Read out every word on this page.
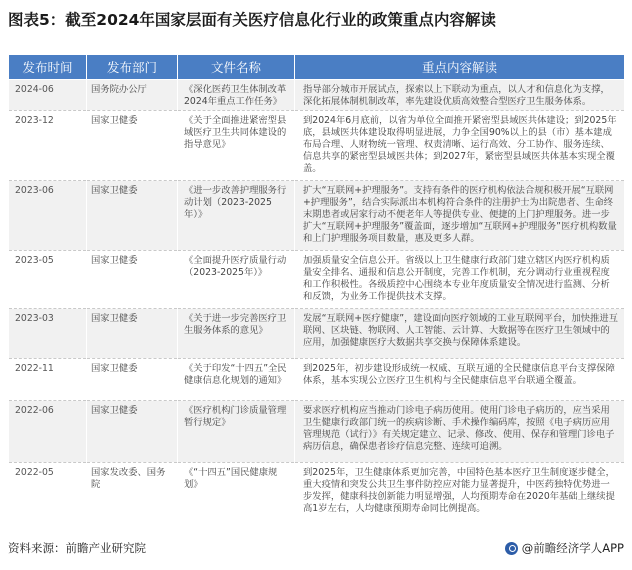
图表5：截至2024年国家层面有关医疗信息化行业的政策重点内容解读
发布时间	发布部门	文件名称	重点内容解读
2024-06	国务院办公厅	《深化医药卫生体制改革2024年重点工作任务》	指导部分城市开展试点，探索以上下联动为重点，以人才和信息化为支撑，深化拓展体制机制改革，率先建设优质高效整合型医疗卫生服务体系。
2023-12	国家卫健委	《关于全面推进紧密型县域医疗卫生共同体建设的指导意见》	到2024年6月底前，以省为单位全面推开紧密型县域医共体建设；到2025年底，县域医共体建设取得明显进展，力争全国90%以上的县（市）基本建成布局合理、人财物统一管理、权责清晰、运行高效、分工协作、服务连续、信息共享的紧密型县域医共体；到2027年，紧密型县域医共体基本实现全覆盖。
2023-06	国家卫健委	《进一步改善护理服务行动计划（2023-2025年）》	扩大“互联网+护理服务”。支持有条件的医疗机构依法合规积极开展“互联网+护理服务”，结合实际派出本机构符合条件的注册护士为出院患者、生命终末期患者或居家行动不便老年人等提供专业、便捷的上门护理服务。进一步扩大“互联网+护理服务”覆盖面，逐步增加“互联网+护理服务”医疗机构数量和上门护理服务项目数量，惠及更多人群。
2023-05	国家卫健委	《全面提升医疗质量行动（2023-2025年）》	加强质量安全信息公开。省级以上卫生健康行政部门建立辖区内医疗机构质量安全排名、通报和信息公开制度，完善工作机制，充分调动行业重视程度和工作积极性。各级质控中心围绕本专业年度质量安全情况进行监测、分析和反馈，为业务工作提供技术支撑。
2023-03	国家卫健委	《关于进一步完善医疗卫生服务体系的意见》	发展“互联网+医疗健康”，建设面向医疗领域的工业互联网平台，加快推进互联网、区块链、物联网、人工智能、云计算、大数据等在医疗卫生领域中的应用，加强健康医疗大数据共享交换与保障体系建设。
2022-11	国家卫健委	《关于印发“十四五”全民健康信息化规划的通知》	到2025年，初步建设形成统一权威、互联互通的全民健康信息平台支撑保障体系，基本实现公立医疗卫生机构与全民健康信息平台联通全覆盖。
2022-06	国家卫健委	《医疗机构门诊质量管理暂行规定》	要求医疗机构应当推动门诊电子病历使用。使用门诊电子病历的，应当采用卫生健康行政部门统一的疾病诊断、手术操作编码库，按照《电子病历应用管理规范（试行）》有关规定建立、记录、修改、使用、保存和管理门诊电子病历信息，确保患者诊疗信息完整、连续可追溯。
2022-05	国家发改委、国务院	《“十四五”国民健康规划》	到2025年，卫生健康体系更加完善，中国特色基本医疗卫生制度逐步健全，重大疫情和突发公共卫生事件防控应对能力显著提升，中医药独特优势进一步发挥，健康科技创新能力明显增强，人均预期寿命在2020年基础上继续提高1岁左右，人均健康预期寿命同比例提高。
资料来源：前瞻产业研究院	@前瞻经济学人APP
